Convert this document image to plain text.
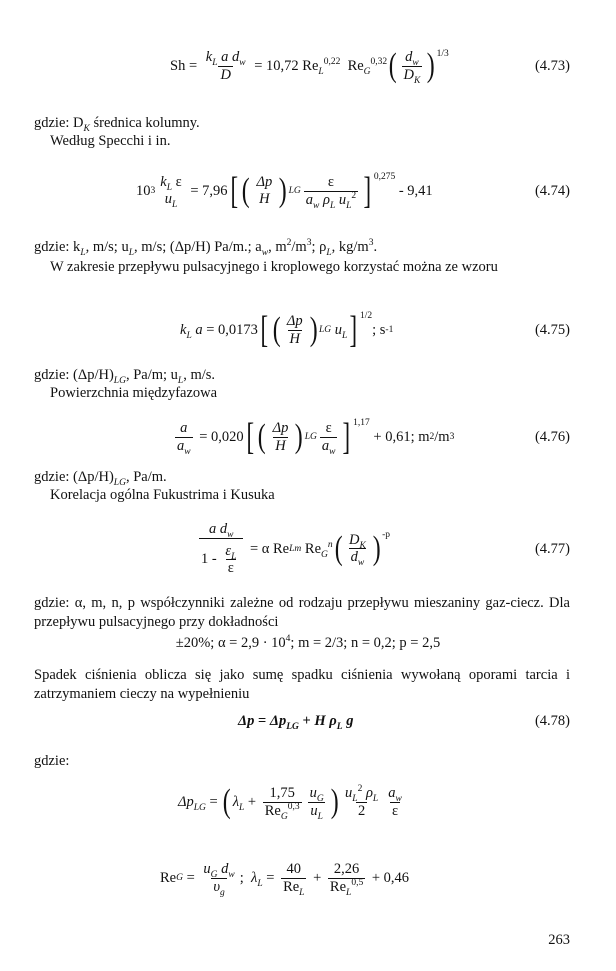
$Sh = \frac{k_L a d_w}{D} = 10,72$ $Re_L^{0,22}$  $Re_G^{0,32}$ ( $\frac{d_w}{D_K} )^{1/3}$
(4.73)
gdzie: $D_K$ średnica kolumny.
Według Specchi i in.
10 3
$k_L$ ε
$u_L$
= 7,96 [ ( Δp
H ) LG $\frac{\varepsilon}{a_w \rho_L u_L^2}$ ] $^{0,275}$

- 9,41	(4.74)
gdzie: $k_L$, m/s; $u_L$, m/s; (Δp/H) Pa/m.; $a_w$, $m^2/m^3$; $\rho_L$, $kg/m^3$.
W zakresie przepływu pulsacyjnego i kroplowego korzystać można ze wzoru
$k_L$ a = 0,0173 [ ( $\frac{\Delta p}{H}$ ) LG $u_L$ ] $^{1/2}$
; s -1	(4.75)
gdzie: $(\Delta p/H)_{LG}$, Pa/m; $u_L$, m/s.
Powierzchnia międzyfazowa
$\frac{a}{a_w} = 0,020$ [ ( $\frac{\Delta p}{H}$ ) LG $\frac{\varepsilon}{a_w}$ ] $^{1,17}$

+ 0,61; m 2 /m 3	(4.76)
gdzie: $(\Delta p/H)_{LG}$, Pa/m.
Korelacja ogólna Fukustrima i Kusuka
$\frac{a d_w}{1 - \frac{\varepsilon_L}{\varepsilon}}$
= α Re L m $Re_G^n$ ( $\frac{D_K}{d_w} )^{-p}$
(4.77)
gdzie: α, m, n, p współczynniki zależne od rodzaju przepływu mieszaniny gaz-ciecz. Dla przepływu pulsacyjnego przy dokładności
±20%; $\alpha = 2,9 \cdot 10^4$; m = 2/3; n = 0,2; p = 2,5
Spadek ciśnienia oblicza się jako sumę spadku ciśnienia wywołaną oporami tarcia i zatrzymaniem cieczy na wypełnieniu
$\Delta p = \Delta p_{LG} + H$ $\rho_L$ g	(4.78)
gdzie:
$\Delta p_{LG}$ = ( $\lambda_L + \frac{1,75}{Re_G^{0,3}} \frac{u_G}{u_L}$ ) $\frac{u_L^2 \rho_L}{2} \frac{a_w}{\varepsilon}$
Re $G = \frac{u_G d_w}{\upsilon_g}$ ; $\lambda_L = \frac{40}{Re_L} + \frac{2,26}{Re_L^{0,5}}$
+ 0,46
263
